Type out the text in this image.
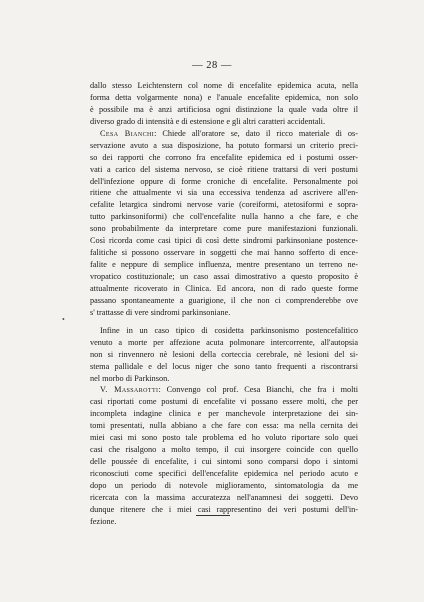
— 28 —
•

dallo stesso Leichtenstern col nome di encefalite epidemica acuta, nella
forma detta volgarmente nona) e l'anuale encefalite epidemica, non solo
è possibile ma è anzi artificiosa ogni distinzione la quale vada oltre il
diverso grado di intensità e di estensione e gli altri caratteri accidentali.

Cesa Bianchi: Chiede all'oratore se, dato il ricco materiale di os-
servazione avuto a sua disposizione, ha potuto formarsi un criterio preci-
so dei rapporti che corrono fra encefalite epidemica ed i postumi osser-
vati a carico del sistema nervoso, se cioè ritiene trattarsi di veri postumi
dell'infezione oppure di forme croniche di encefalite. Personalmente poi
ritiene che attualmente vi sia una eccessiva tendenza ad ascrivere all'en-
cefalite letargica sindromi nervose varie (coreiformi, atetosiformi e sopra-
tutto parkinsoniformi) che coll'encefalite nulla hanno a che fare, e che
sono probabilmente da interpretare come pure manifestazioni funzionali.
Così ricorda come casi tipici di così dette sindromi parkinsoniane postence-
falitiche si possono osservare in soggetti che mai hanno sofferto di ence-
falite e neppure di semplice influenza, mentre presentano un terreno ne-
vropatico costituzionale; un caso assai dimostrativo a questo proposito è
attualmente ricoverato in Clinica. Ed ancora, non di rado queste forme
passano spontaneamente a guarigione, il che non ci comprenderebbe ove
s' trattasse di vere sindromi parkinsoniane.

Infine in un caso tipico di cosidetta parkinsonismo postencefalitico
venuto a morte per affezione acuta polmonare intercorrente, all'autopsia
non si rinvennero nè lesioni della corteccia cerebrale, nè lesioni del si-
stema pallidale e del locus niger che sono tanto frequenti a riscontrarsi
nel morbo di Parkinson.

V. Massarotti: Convengo col prof. Cesa Bianchi, che fra i molti
casi riportati come postumi di encefalite vi possano essere molti, che per
incompleta indagine clinica e per manchevole interpretazione dei sin-
tomi presentati, nulla abbiano a che fare con essa: ma nella cernita dei
miei casi mi sono posto tale problema ed ho voluto riportare solo quei
casi che risalgono a molto tempo, il cui insorgere coincide con quello
delle poussée di encefalite, i cui sintomi sono comparsi dopo i sintomi
riconosciuti come specifici dell'encefalite epidemica nel periodo acuto e
dopo un periodo di notevole miglioramento, sintomatologia da me
ricercata con la massima accuratezza nell'anamnesi dei soggetti. Devo
dunque ritenere che i miei casi rappresentino dei veri postumi dell'in-
fezione.
